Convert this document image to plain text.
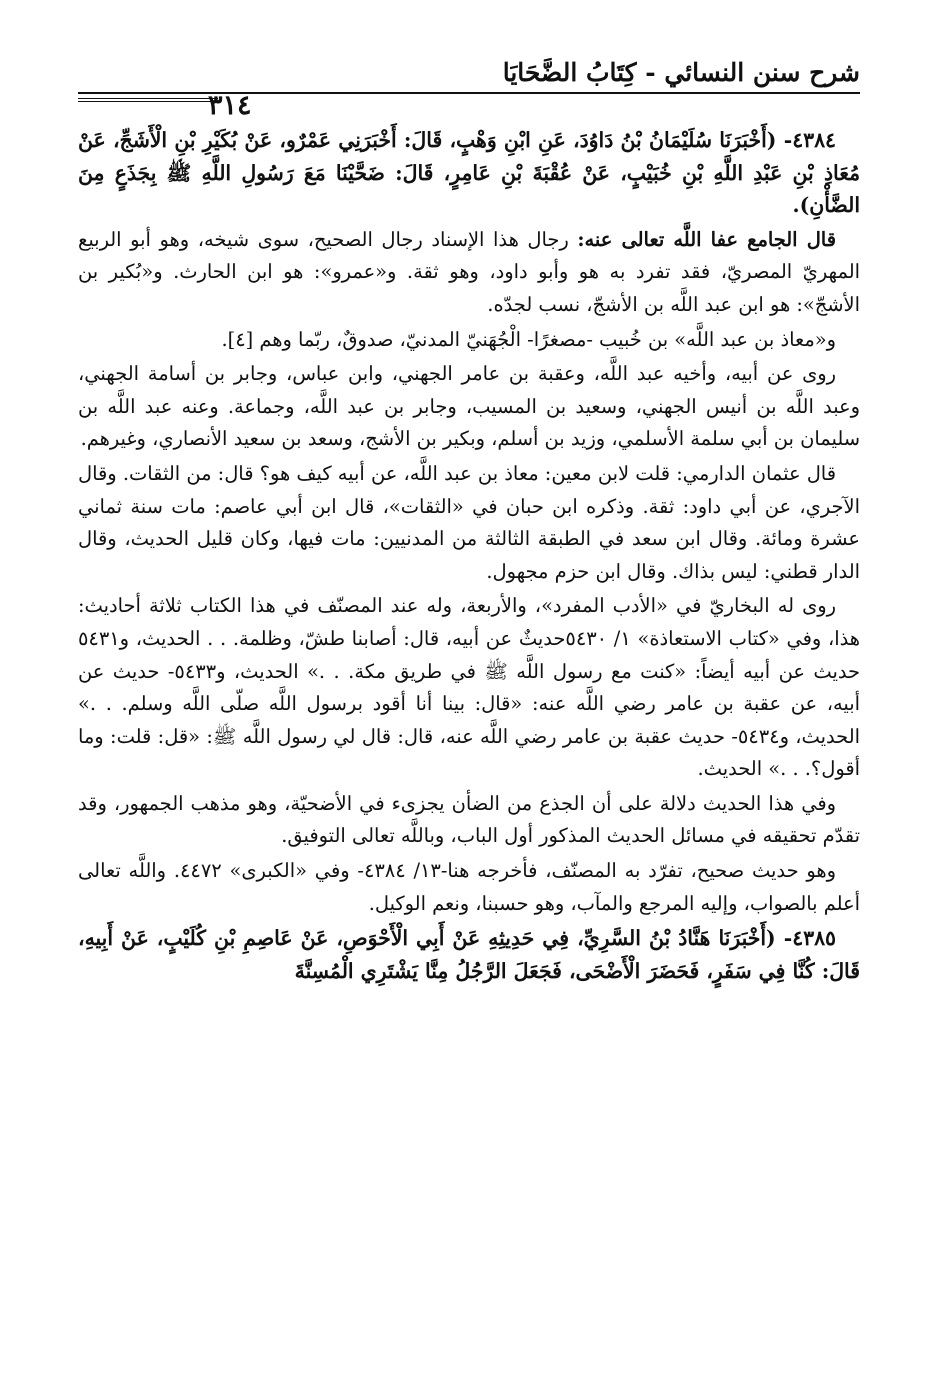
شرح سنن النسائي - كِتَابُ الضَّحَايَا
٣١٤

٤٣٨٤- (أَخْبَرَنَا سُلَيْمَانُ بْنُ دَاوُدَ، عَنِ ابْنِ وَهْبٍ، قَالَ: أَخْبَرَنِي عَمْرٌو، عَنْ بُكَيْرِ بْنِ الْأَشَجِّ، عَنْ مُعَاذِ بْنِ عَبْدِ اللَّهِ بْنِ خُبَيْبٍ، عَنْ عُقْبَةَ بْنِ عَامِرٍ، قَالَ: ضَحَّيْنَا مَعَ رَسُولِ اللَّهِ ﷺ بِجَذَعٍ مِنَ الضَّأْنِ).

قال الجامع عفا اللَّه تعالى عنه: رجال هذا الإسناد رجال الصحيح، سوى شيخه، وهو أبو الربيع المهريّ المصريّ، فقد تفرد به هو وأبو داود، وهو ثقة. و«عمرو»: هو ابن الحارث. و«بُكير بن الأشجّ»: هو ابن عبد اللَّه بن الأشجّ، نسب لجدّه.

و«معاذ بن عبد اللَّه» بن خُبيب -مصغرًا- الْجُهَنيّ المدنيّ، صدوقٌ، ربّما وهم [٤].

روى عن أبيه، وأخيه عبد اللَّه، وعقبة بن عامر الجهني، وابن عباس، وجابر بن أسامة الجهني، وعبد اللَّه بن أنيس الجهني، وسعيد بن المسيب، وجابر بن عبد اللَّه، وجماعة. وعنه عبد اللَّه بن سليمان بن أبي سلمة الأسلمي، وزيد بن أسلم، وبكير بن الأشج، وسعد بن سعيد الأنصاري، وغيرهم.

قال عثمان الدارمي: قلت لابن معين: معاذ بن عبد اللَّه، عن أبيه كيف هو؟ قال: من الثقات. وقال الآجري، عن أبي داود: ثقة. وذكره ابن حبان في «الثقات»، قال ابن أبي عاصم: مات سنة ثماني عشرة ومائة. وقال ابن سعد في الطبقة الثالثة من المدنيين: مات فيها، وكان قليل الحديث، وقال الدار قطني: ليس بذاك. وقال ابن حزم مجهول.

روى له البخاريّ في «الأدب المفرد»، والأربعة، وله عند المصنّف في هذا الكتاب ثلاثة أحاديث: هذا، وفي «كتاب الاستعاذة» ١/ ٥٤٣٠حديثٌ عن أبيه، قال: أصابنا طشّ، وظلمة. . . الحديث، و٥٤٣١ حديث عن أبيه أيضاً: «كنت مع رسول اللَّه ﷺ في طريق مكة. . .» الحديث، و٥٤٣٣- حديث عن أبيه، عن عقبة بن عامر رضي اللَّه عنه: «قال: بينا أنا أقود برسول اللَّه صلّى اللَّه وسلم. . .» الحديث، و٥٤٣٤- حديث عقبة بن عامر رضي اللَّه عنه، قال: قال لي رسول اللَّه ﷺ: «قل: قلت: وما أقول؟. . .» الحديث.

وفي هذا الحديث دلالة على أن الجذع من الضأن يجزىء في الأضحيّة، وهو مذهب الجمهور، وقد تقدّم تحقيقه في مسائل الحديث المذكور أول الباب، وباللَّه تعالى التوفيق.

وهو حديث صحيح، تفرّد به المصنّف، فأخرجه هنا-١٣/ ٤٣٨٤- وفي «الكبرى» ٤٤٧٢. واللَّه تعالى أعلم بالصواب، وإليه المرجع والمآب، وهو حسبنا، ونعم الوكيل.

٤٣٨٥- (أَخْبَرَنَا هَنَّادُ بْنُ السَّرِيِّ، فِي حَدِيثِهِ عَنْ أَبِي الْأَحْوَصِ، عَنْ عَاصِمِ بْنِ كُلَيْبٍ، عَنْ أَبِيهِ، قَالَ: كُنَّا فِي سَفَرٍ، فَحَضَرَ الْأَضْحَى، فَجَعَلَ الرَّجُلُ مِنَّا يَشْتَرِي الْمُسِنَّةَ
